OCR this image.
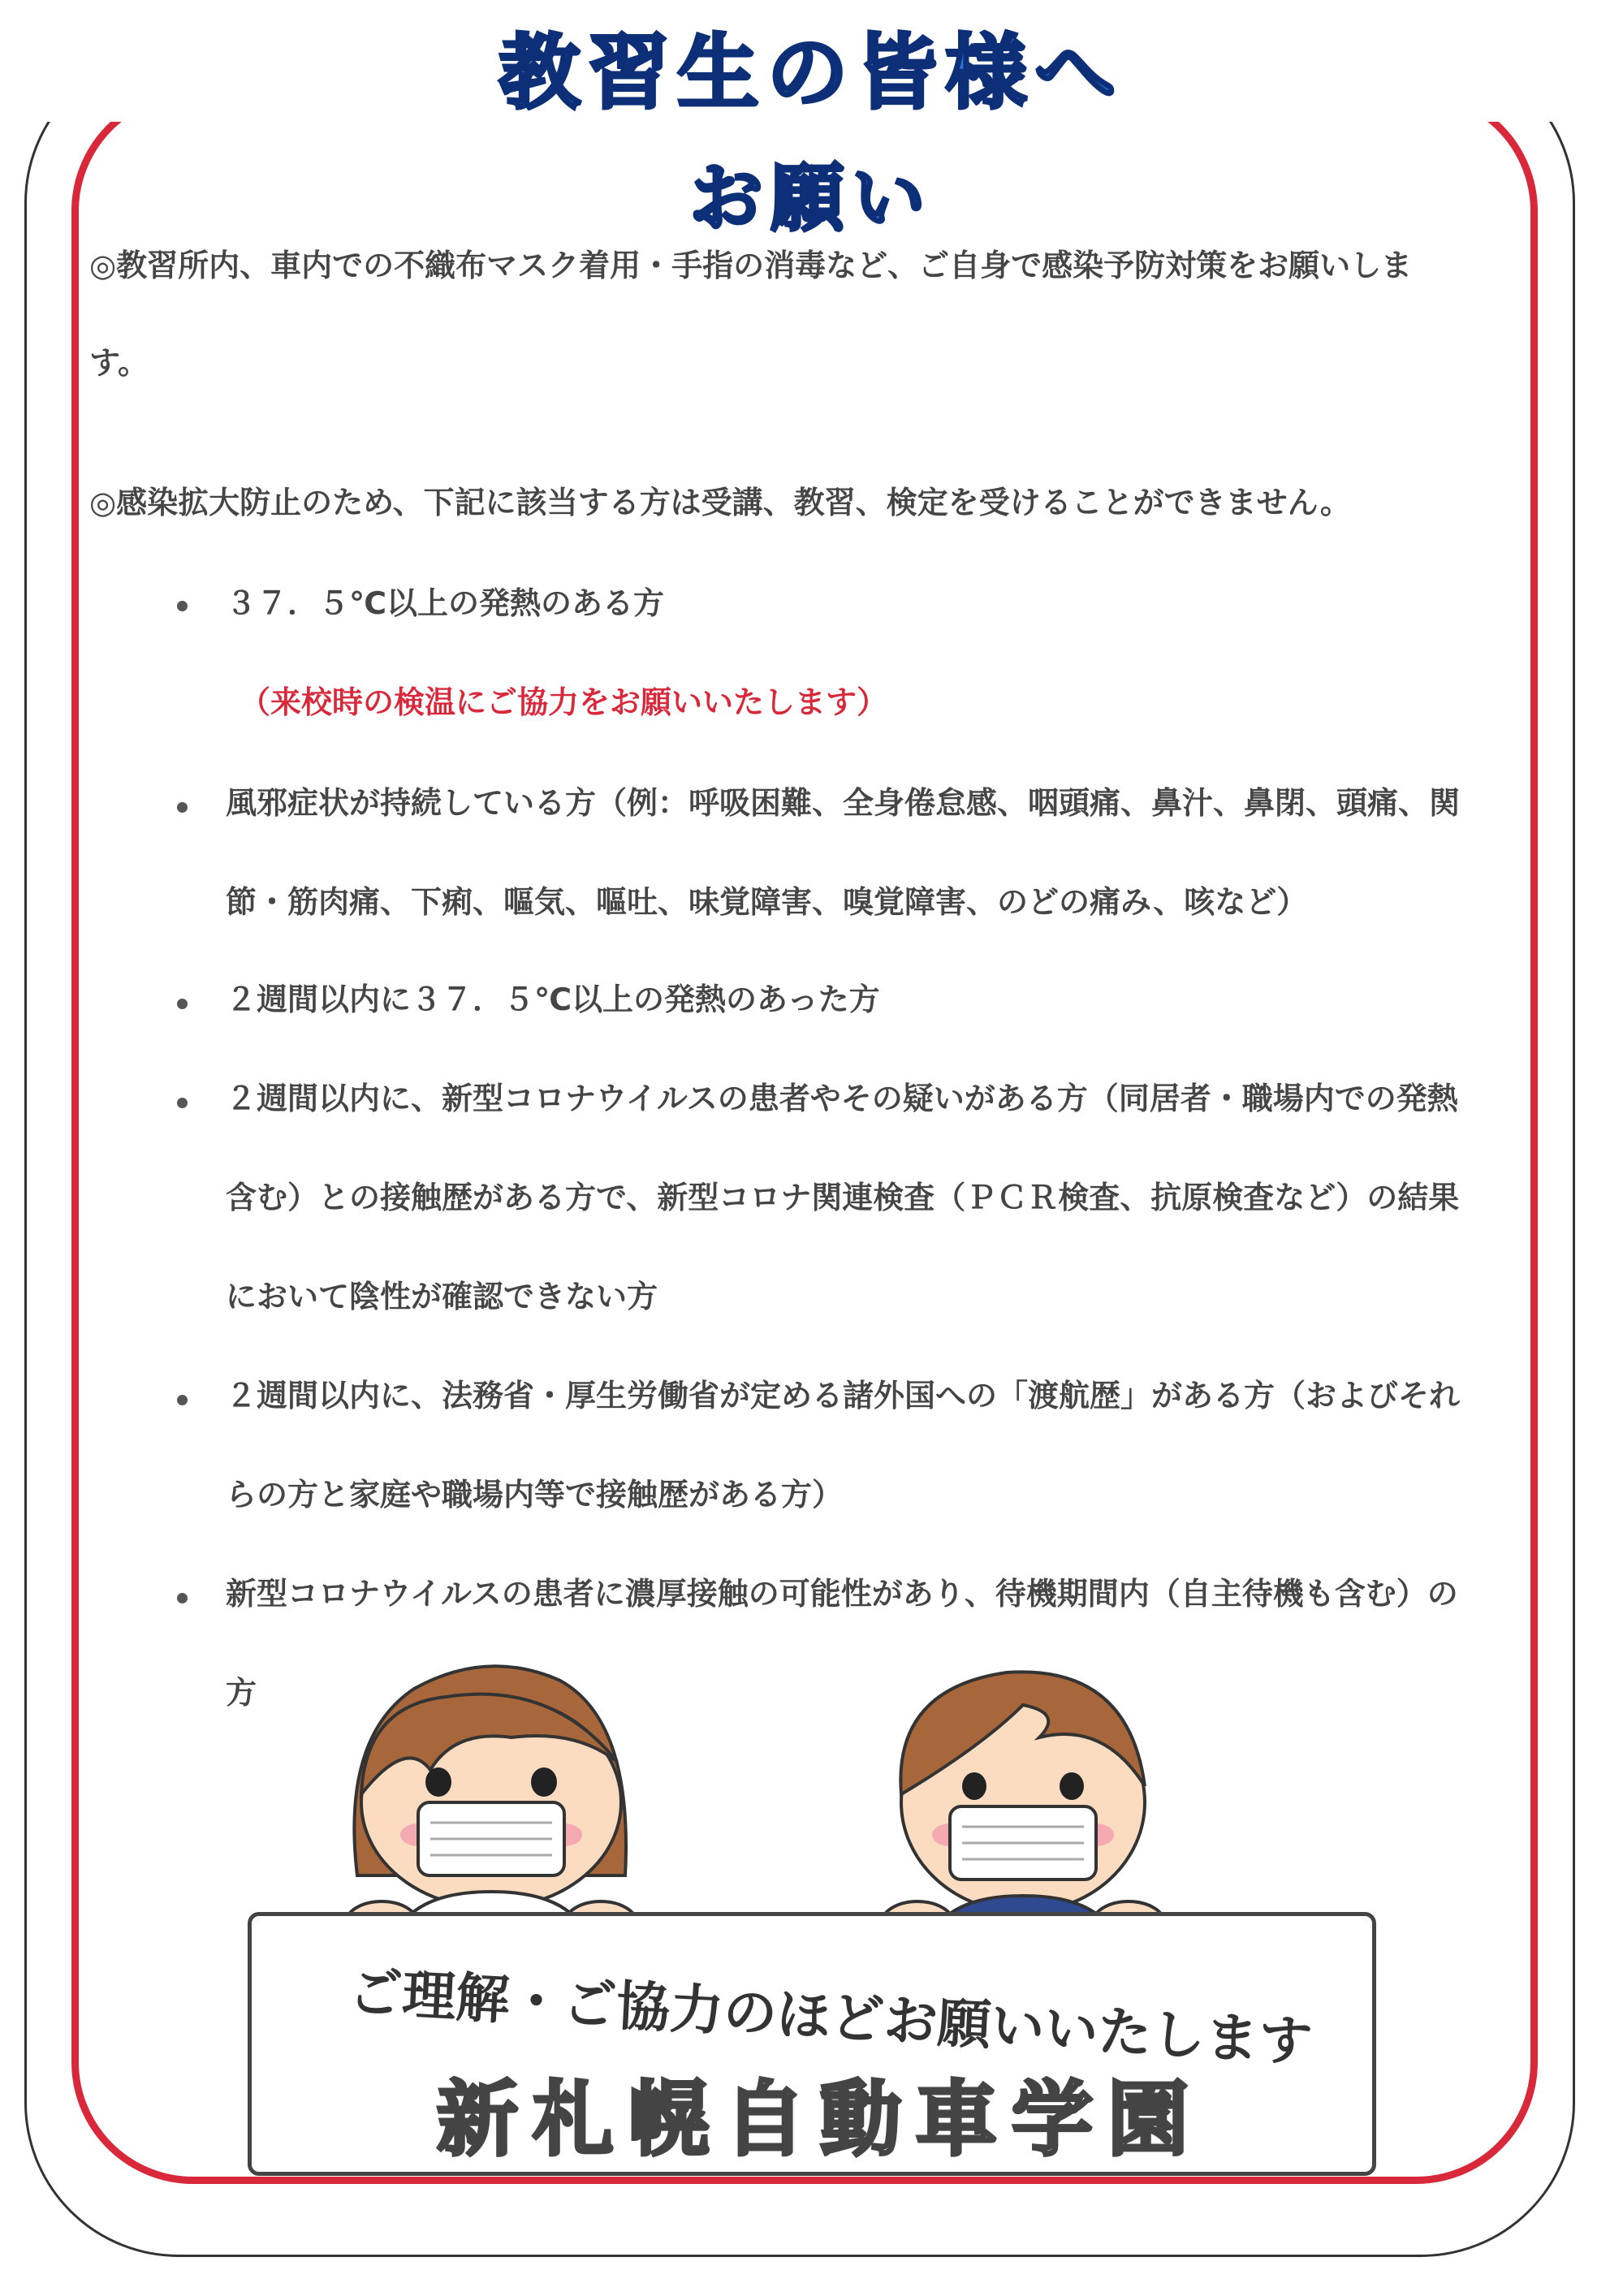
教習生の皆様へ
お願い
◎教習所内、車内での不織布マスク着用・手指の消毒など、ご自身で感染予防対策をお願いしま
す。
◎感染拡大防止のため、下記に該当する方は受講、教習、検定を受けることができません。
３７．５℃以上の発熱のある方
（来校時の検温にご協力をお願いいたします）
風邪症状が持続している方（例：呼吸困難、全身倦怠感、咽頭痛、鼻汁、鼻閉、頭痛、関
節・筋肉痛、下痢、嘔気、嘔吐、味覚障害、嗅覚障害、のどの痛み、咳など）
２週間以内に３７．５℃以上の発熱のあった方
２週間以内に、新型コロナウイルスの患者やその疑いがある方（同居者・職場内での発熱
含む）との接触歴がある方で、新型コロナ関連検査（ＰＣＲ検査、抗原検査など）の結果
において陰性が確認できない方
２週間以内に、法務省・厚生労働省が定める諸外国への「渡航歴」がある方（およびそれ
らの方と家庭や職場内等で接触歴がある方）
新型コロナウイルスの患者に濃厚接触の可能性があり、待機期間内（自主待機も含む）の
方
ご理解・ご協力のほどお願いいたします
新札幌自動車学園
